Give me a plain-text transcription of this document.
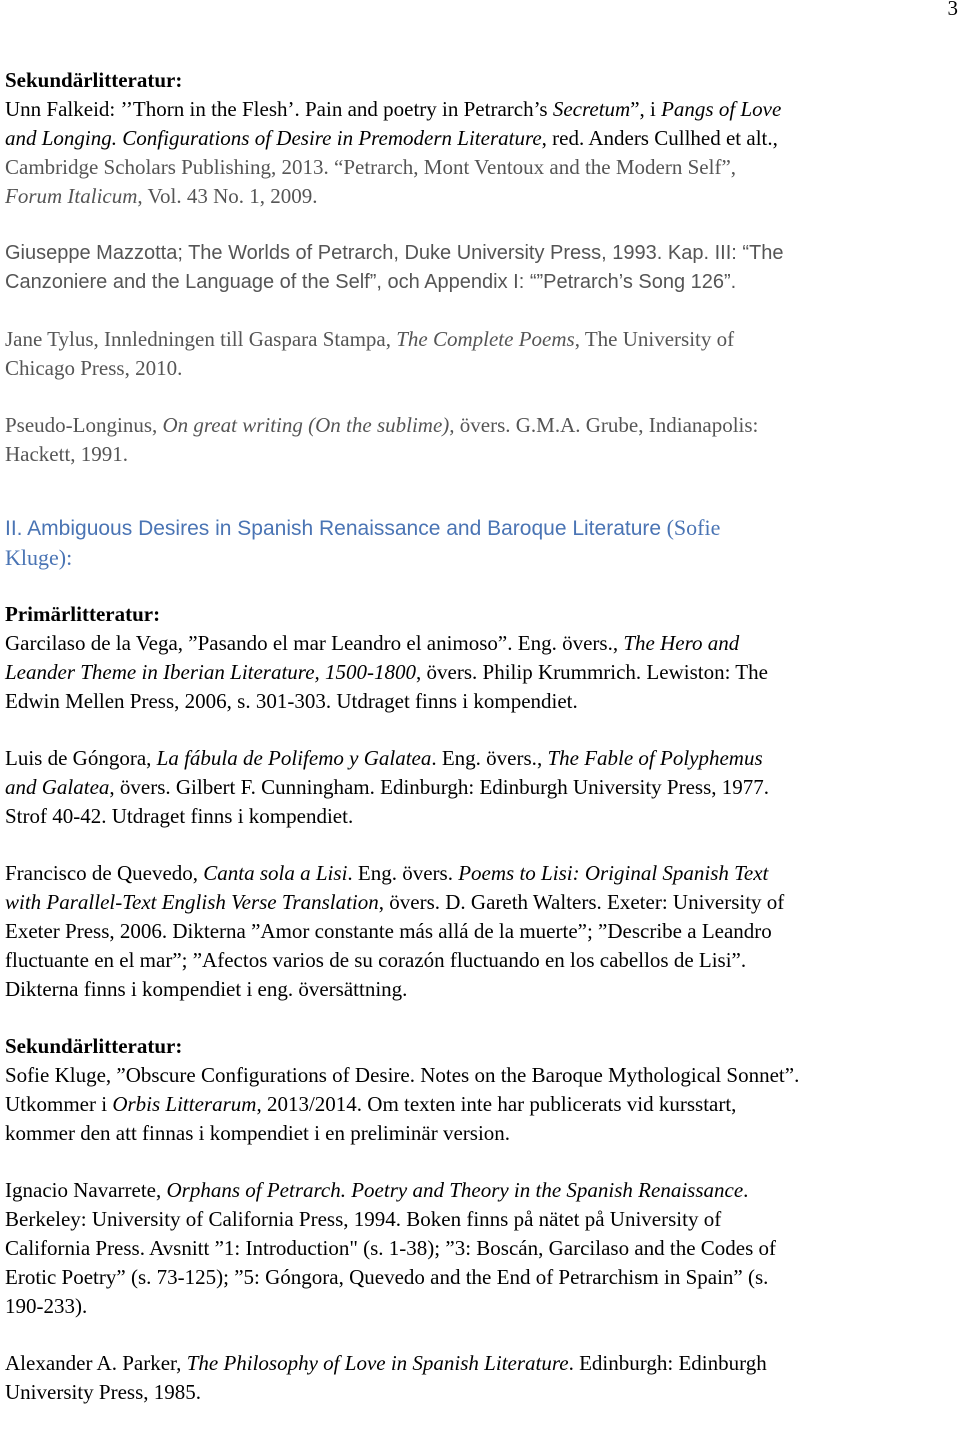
3
Sekundärlitteratur:
Unn Falkeid: ’’Thorn in the Flesh’. Pain and poetry in Petrarch’s Secretum”, i Pangs of Love
and Longing. Configurations of Desire in Premodern Literature, red. Anders Cullhed et alt.,
Cambridge Scholars Publishing, 2013. “Petrarch, Mont Ventoux and the Modern Self”,
Forum Italicum, Vol. 43 No. 1, 2009.
Giuseppe Mazzotta; The Worlds of Petrarch, Duke University Press, 1993. Kap. III: “The
Canzoniere and the Language of the Self”, och Appendix I: “”Petrarch’s Song 126”.
Jane Tylus, Innledningen till Gaspara Stampa, The Complete Poems, The University of
Chicago Press, 2010.
Pseudo-Longinus, On great writing (On the sublime), övers. G.M.A. Grube, Indianapolis:
Hackett, 1991.
II. Ambiguous Desires in Spanish Renaissance and Baroque Literature (Sofie
Kluge):
Primärlitteratur:
Garcilaso de la Vega, ”Pasando el mar Leandro el animoso”. Eng. övers., The Hero and
Leander Theme in Iberian Literature, 1500-1800, övers. Philip Krummrich. Lewiston: The
Edwin Mellen Press, 2006, s. 301-303. Utdraget finns i kompendiet.
Luis de Góngora, La fábula de Polifemo y Galatea. Eng. övers., The Fable of Polyphemus
and Galatea, övers. Gilbert F. Cunningham. Edinburgh: Edinburgh University Press, 1977.
Strof 40-42. Utdraget finns i kompendiet.
Francisco de Quevedo, Canta sola a Lisi. Eng. övers. Poems to Lisi: Original Spanish Text
with Parallel-Text English Verse Translation, övers. D. Gareth Walters. Exeter: University of
Exeter Press, 2006. Dikterna ”Amor constante más allá de la muerte”; ”Describe a Leandro
fluctuante en el mar”; ”Afectos varios de su corazón fluctuando en los cabellos de Lisi”.
Dikterna finns i kompendiet i eng. översättning.
Sekundärlitteratur:
Sofie Kluge, ”Obscure Configurations of Desire. Notes on the Baroque Mythological Sonnet”.
Utkommer i Orbis Litterarum, 2013/2014. Om texten inte har publicerats vid kursstart,
kommer den att finnas i kompendiet i en preliminär version.
Ignacio Navarrete, Orphans of Petrarch. Poetry and Theory in the Spanish Renaissance.
Berkeley: University of California Press, 1994. Boken finns på nätet på University of
California Press. Avsnitt ”1: Introduction" (s. 1-38); ”3: Boscán, Garcilaso and the Codes of
Erotic Poetry” (s. 73-125); ”5: Góngora, Quevedo and the End of Petrarchism in Spain” (s.
190-233).
Alexander A. Parker, The Philosophy of Love in Spanish Literature. Edinburgh: Edinburgh
University Press, 1985.
